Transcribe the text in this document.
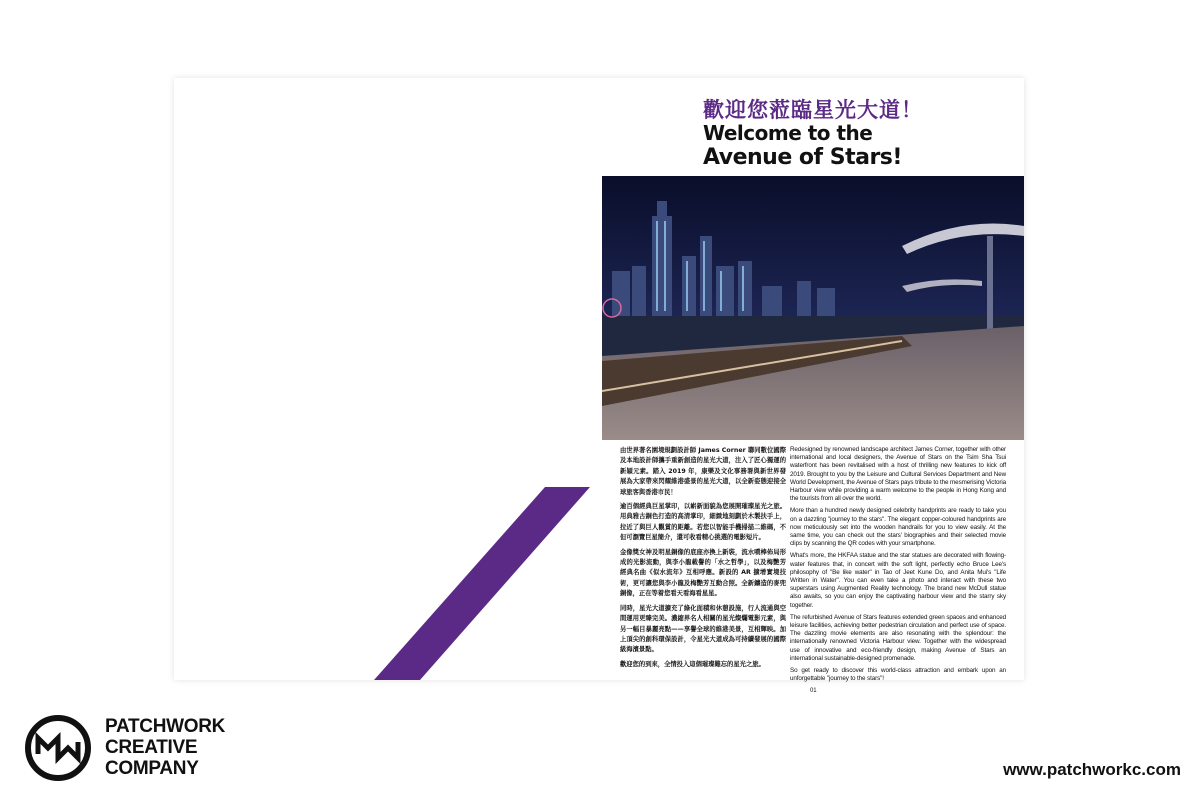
歡迎您蒞臨星光大道！
Welcome to the
Avenue of Stars!

由世界著名園境規劃設計師 James Corner 聯同數位國際及本地設計師攜手重新創造的星光大道，注入了匠心獨運的新穎元素。踏入 2019 年，康樂及文化事務署與新世界發展為大家帶來閃耀維港盛景的星光大道，以全新姿態迎接全球旅客與香港市民！

逾百個經典巨星掌印，以嶄新面貌為您展開璀璨星光之旅。用典雅古銅色打造的高清掌印，細緻地刻劃於木製扶手上，拉近了與巨人觀賞的距離。若您以智能手機掃描二維碼，不但可瀏覽巨星簡介，還可收看精心挑選的電影短片。

金像獎女神及明星銅像的底座亦換上新裝，流水噴棒佈局形成的光影流動，與李小龍載譽的「水之哲學」，以及梅艷芳經典名曲《似水流年》互相呼應。新設的 AR 擴增實境技術，更可讓您與李小龍及梅艷芳互動合照。全新鑄造的麥兜銅像，正在等着您看天看海看星星。

同時，星光大道擴充了綠化面積和休憩設施，行人流通與空間運用更臻完美。濃縮界名人相關的星光燦爛電影元素，與另一幅目暴麗亮點——享譽全球的維港美景，互相輝映。加上頂尖的創科環保設計，令星光大道成為可持續發展的國際級海濱景點。

歡迎您的到來，全情投入這個璀璨難忘的星光之旅。

Redesigned by renowned landscape architect James Corner, together with other international and local designers, the Avenue of Stars on the Tsim Sha Tsui waterfront has been revitalised with a host of thrilling new features to kick off 2019. Brought to you by the Leisure and Cultural Services Department and New World Development, the Avenue of Stars pays tribute to the mesmerising Victoria Harbour view while providing a warm welcome to the people in Hong Kong and the tourists from all over the world.

More than a hundred newly designed celebrity handprints are ready to take you on a dazzling "journey to the stars". The elegant copper-coloured handprints are now meticulously set into the wooden handrails for you to view easily. At the same time, you can check out the stars' biographies and their selected movie clips by scanning the QR codes with your smartphone.

What's more, the HKFAA statue and the star statues are decorated with flowing-water features that, in concert with the soft light, perfectly echo Bruce Lee's philosophy of "Be like water" in Tao of Jeet Kune Do, and Anita Mui's "Life Written in Water". You can even take a photo and interact with these two superstars using Augmented Reality technology. The brand new McDull statue also awaits, so you can enjoy the captivating harbour view and the starry sky together.

The refurbished Avenue of Stars features extended green spaces and enhanced leisure facilities, achieving better pedestrian circulation and perfect use of space. The dazzling movie elements are also resonating with the splendour: the internationally renowned Victoria Harbour view. Together with the widespread use of innovative and eco-friendly design, making Avenue of Stars an international sustainable-designed promenade.

So get ready to discover this world-class attraction and embark upon an unforgettable "journey to the stars"!

01
PATCHWORK
CREATIVE
COMPANY	www.patchworkc.com
